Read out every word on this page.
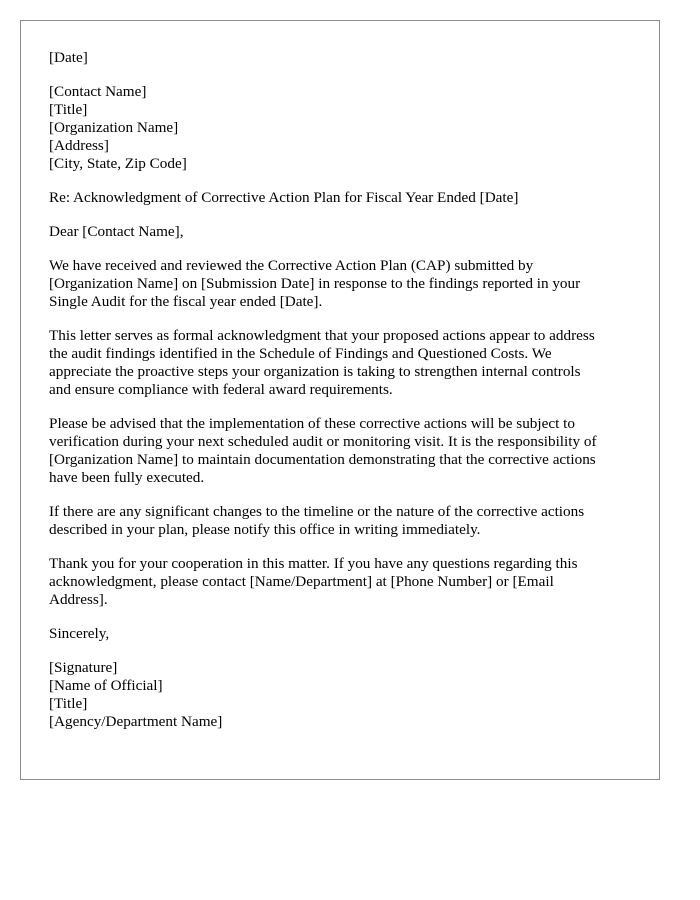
[Date]
[Contact Name]
[Title]
[Organization Name]
[Address]
[City, State, Zip Code]
Re: Acknowledgment of Corrective Action Plan for Fiscal Year Ended [Date]
Dear [Contact Name],

We have received and reviewed the Corrective Action Plan (CAP) submitted by
[Organization Name] on [Submission Date] in response to the findings reported in your
Single Audit for the fiscal year ended [Date].

This letter serves as formal acknowledgment that your proposed actions appear to address
the audit findings identified in the Schedule of Findings and Questioned Costs. We
appreciate the proactive steps your organization is taking to strengthen internal controls
and ensure compliance with federal award requirements.

Please be advised that the implementation of these corrective actions will be subject to
verification during your next scheduled audit or monitoring visit. It is the responsibility of
[Organization Name] to maintain documentation demonstrating that the corrective actions
have been fully executed.

If there are any significant changes to the timeline or the nature of the corrective actions
described in your plan, please notify this office in writing immediately.

Thank you for your cooperation in this matter. If you have any questions regarding this
acknowledgment, please contact [Name/Department] at [Phone Number] or [Email
Address].

Sincerely,
[Signature]
[Name of Official]
[Title]
[Agency/Department Name]
